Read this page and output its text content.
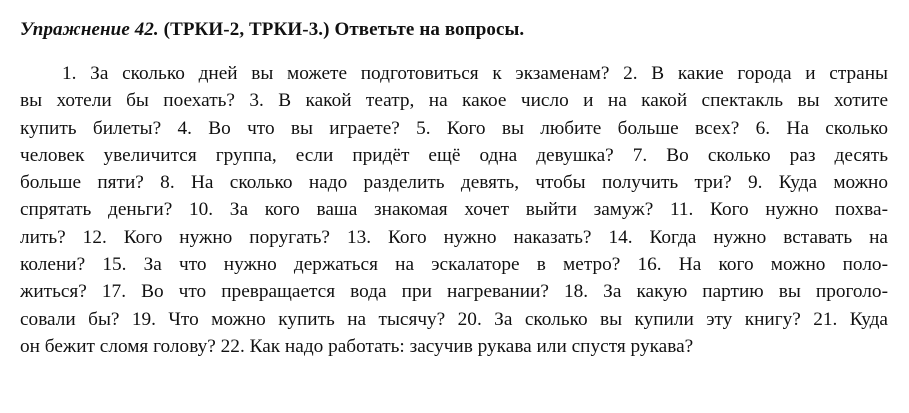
Упражнение 42. (ТРКИ-2, ТРКИ-3.) Ответьте на вопросы.
1. За сколько дней вы можете подготовиться к экзаменам? 2. В какие города и страны
вы хотели бы поехать? 3. В какой театр, на какое число и на какой спектакль вы хотите
купить билеты? 4. Во что вы играете? 5. Кого вы любите больше всех? 6. На сколько
человек увеличится группа, если придёт ещё одна девушка? 7. Во сколько раз десять
больше пяти? 8. На сколько надо разделить девять, чтобы получить три? 9. Куда можно
спрятать деньги? 10. За кого ваша знакомая хочет выйти замуж? 11. Кого нужно похва-
лить? 12. Кого нужно поругать? 13. Кого нужно наказать? 14. Когда нужно вставать на
колени? 15. За что нужно держаться на эскалаторе в метро? 16. На кого можно поло-
житься? 17. Во что превращается вода при нагревании? 18. За какую партию вы проголо-
совали бы? 19. Что можно купить на тысячу? 20. За сколько вы купили эту книгу? 21. Куда
он бежит сломя голову? 22. Как надо работать: засучив рукава или спустя рукава?
